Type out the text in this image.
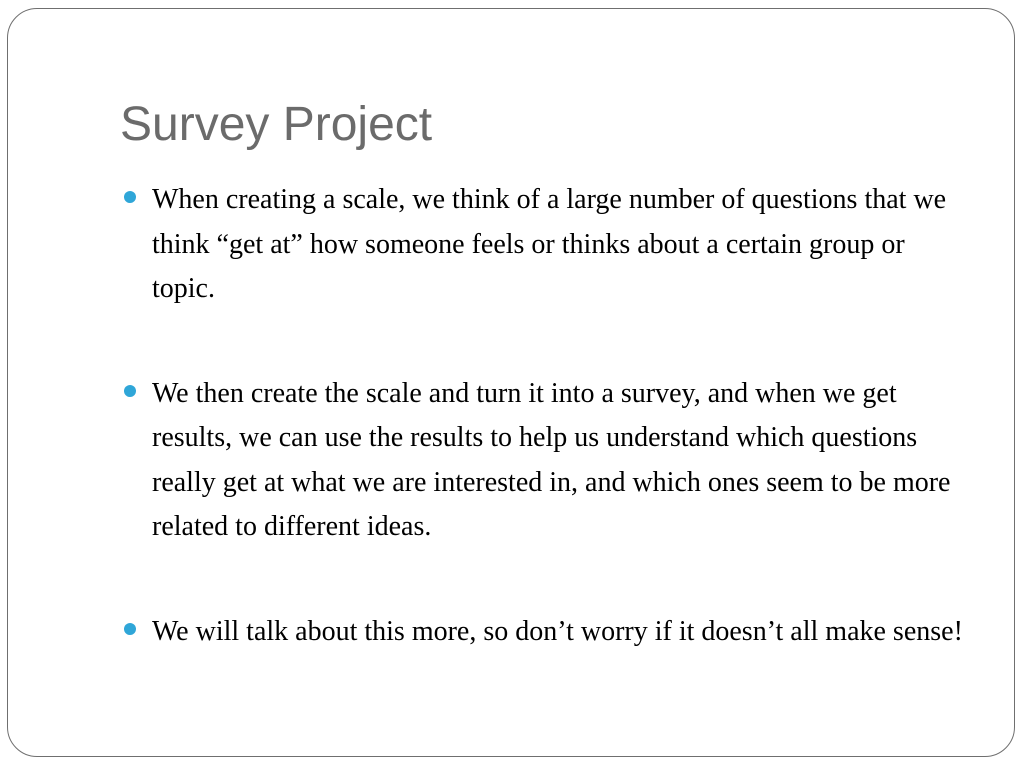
Survey Project
When creating a scale, we think of a large number of questions that we think “get at” how someone feels or thinks about a certain group or topic.
We then create the scale and turn it into a survey, and when we get results, we can use the results to help us understand which questions really get at what we are interested in, and which ones seem to be more related to different ideas.
We will talk about this more, so don’t worry if it doesn’t all make sense!
